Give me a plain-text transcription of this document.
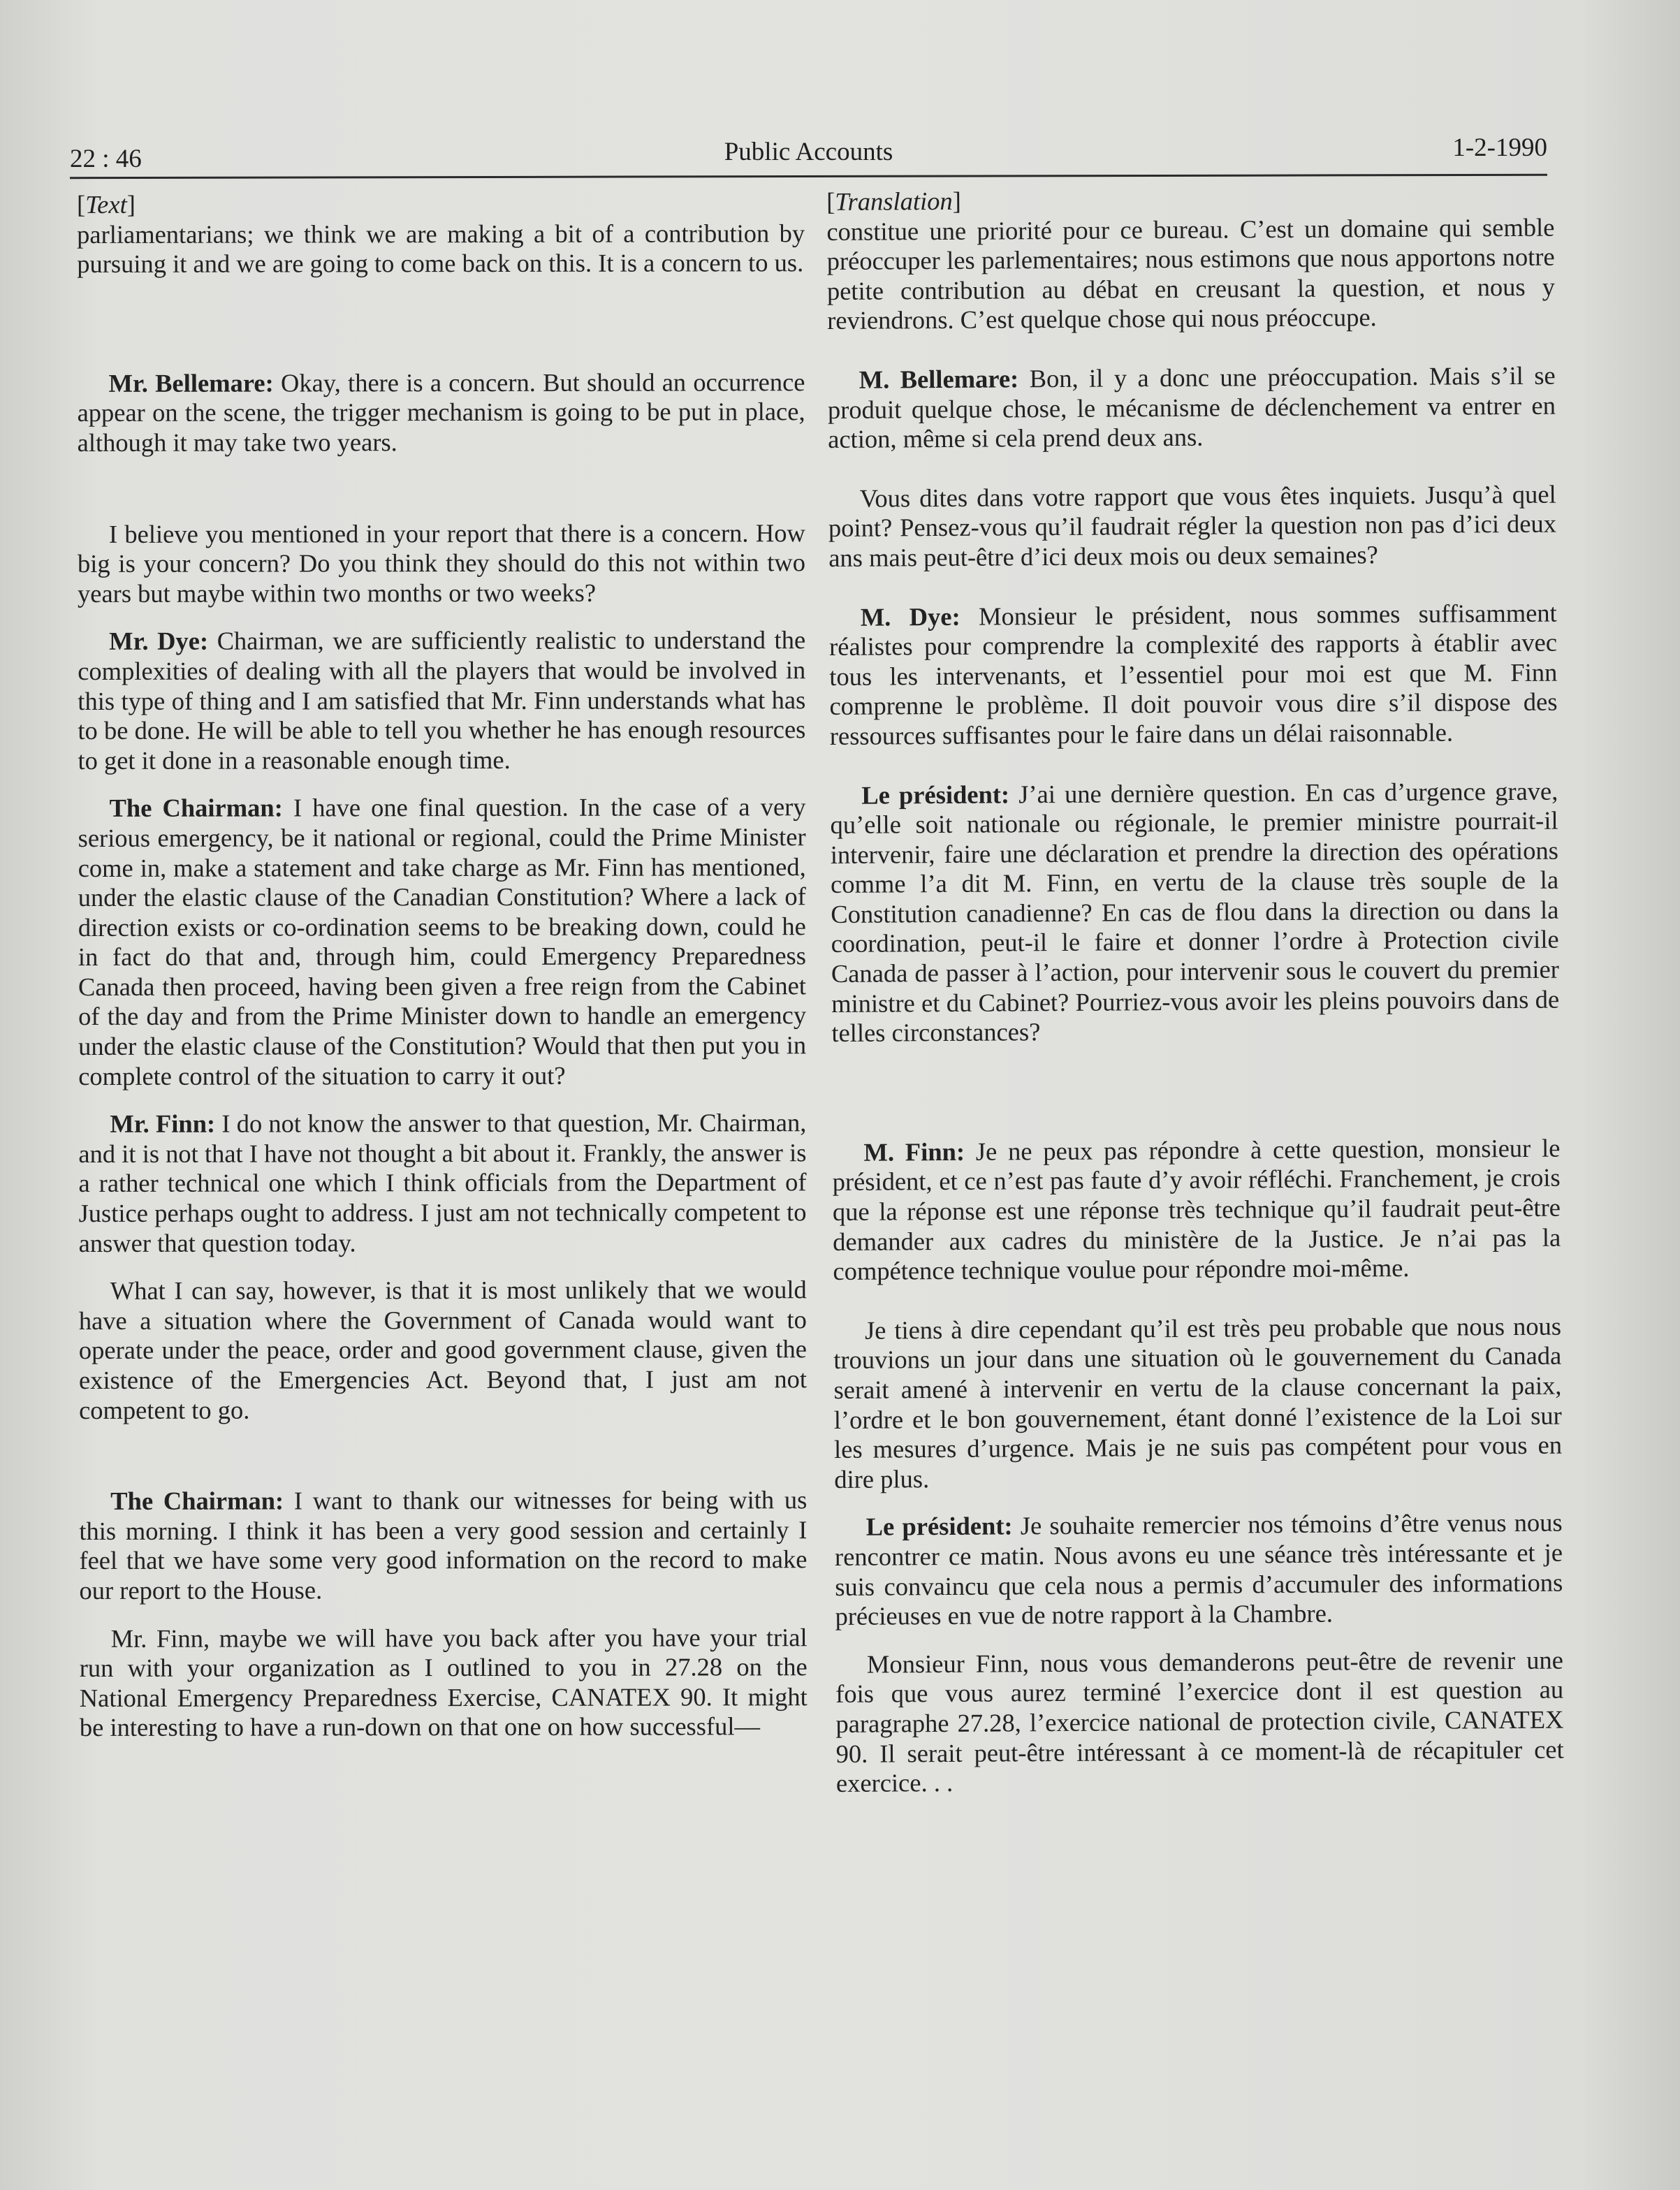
22 : 46	Public Accounts	1-2-1990

[Text]

parliamentarians; we think we are making a bit of a contribution by pursuing it and we are going to come back on this. It is a concern to us.

Mr. Bellemare: Okay, there is a concern. But should an occurrence appear on the scene, the trigger mechanism is going to be put in place, although it may take two years.

I believe you mentioned in your report that there is a concern. How big is your concern? Do you think they should do this not within two years but maybe within two months or two weeks?

Mr. Dye: Chairman, we are sufficiently realistic to understand the complexities of dealing with all the players that would be involved in this type of thing and I am satisfied that Mr. Finn understands what has to be done. He will be able to tell you whether he has enough resources to get it done in a reasonable enough time.

The Chairman: I have one final question. In the case of a very serious emergency, be it national or regional, could the Prime Minister come in, make a statement and take charge as Mr. Finn has mentioned, under the elastic clause of the Canadian Constitution? Where a lack of direction exists or co-ordination seems to be breaking down, could he in fact do that and, through him, could Emergency Preparedness Canada then proceed, having been given a free reign from the Cabinet of the day and from the Prime Minister down to handle an emergency under the elastic clause of the Constitution? Would that then put you in complete control of the situation to carry it out?

Mr. Finn: I do not know the answer to that question, Mr. Chairman, and it is not that I have not thought a bit about it. Frankly, the answer is a rather technical one which I think officials from the Department of Justice perhaps ought to address. I just am not technically competent to answer that question today.

What I can say, however, is that it is most unlikely that we would have a situation where the Government of Canada would want to operate under the peace, order and good government clause, given the existence of the Emergencies Act. Beyond that, I just am not competent to go.

The Chairman: I want to thank our witnesses for being with us this morning. I think it has been a very good session and certainly I feel that we have some very good information on the record to make our report to the House.

Mr. Finn, maybe we will have you back after you have your trial run with your organization as I outlined to you in 27.28 on the National Emergency Preparedness Exercise, CANATEX 90. It might be interesting to have a run-down on that one on how successful—

[Translation]

constitue une priorité pour ce bureau. C’est un domaine qui semble préoccuper les parlementaires; nous estimons que nous apportons notre petite contribution au débat en creusant la question, et nous y reviendrons. C’est quelque chose qui nous préoccupe.

M. Bellemare: Bon, il y a donc une préoccupation. Mais s’il se produit quelque chose, le mécanisme de déclenchement va entrer en action, même si cela prend deux ans.

Vous dites dans votre rapport que vous êtes inquiets. Jusqu’à quel point? Pensez-vous qu’il faudrait régler la question non pas d’ici deux ans mais peut-être d’ici deux mois ou deux semaines?

M. Dye: Monsieur le président, nous sommes suffisamment réalistes pour comprendre la complexité des rapports à établir avec tous les intervenants, et l’essentiel pour moi est que M. Finn comprenne le problème. Il doit pouvoir vous dire s’il dispose des ressources suffisantes pour le faire dans un délai raisonnable.

Le président: J’ai une dernière question. En cas d’urgence grave, qu’elle soit nationale ou régionale, le premier ministre pourrait-il intervenir, faire une déclaration et prendre la direction des opérations comme l’a dit M. Finn, en vertu de la clause très souple de la Constitution canadienne? En cas de flou dans la direction ou dans la coordination, peut-il le faire et donner l’ordre à Protection civile Canada de passer à l’action, pour intervenir sous le couvert du premier ministre et du Cabinet? Pourriez-vous avoir les pleins pouvoirs dans de telles circonstances?

M. Finn: Je ne peux pas répondre à cette question, monsieur le président, et ce n’est pas faute d’y avoir réfléchi. Franchement, je crois que la réponse est une réponse très technique qu’il faudrait peut-être demander aux cadres du ministère de la Justice. Je n’ai pas la compétence technique voulue pour répondre moi-même.

Je tiens à dire cependant qu’il est très peu probable que nous nous trouvions un jour dans une situation où le gouvernement du Canada serait amené à intervenir en vertu de la clause concernant la paix, l’ordre et le bon gouvernement, étant donné l’existence de la Loi sur les mesures d’urgence. Mais je ne suis pas compétent pour vous en dire plus.

Le président: Je souhaite remercier nos témoins d’être venus nous rencontrer ce matin. Nous avons eu une séance très intéressante et je suis convaincu que cela nous a permis d’accumuler des informations précieuses en vue de notre rapport à la Chambre.

Monsieur Finn, nous vous demanderons peut-être de revenir une fois que vous aurez terminé l’exercice dont il est question au paragraphe 27.28, l’exercice national de protection civile, CANATEX 90. Il serait peut-être intéressant à ce moment-là de récapituler cet exercice. . .
